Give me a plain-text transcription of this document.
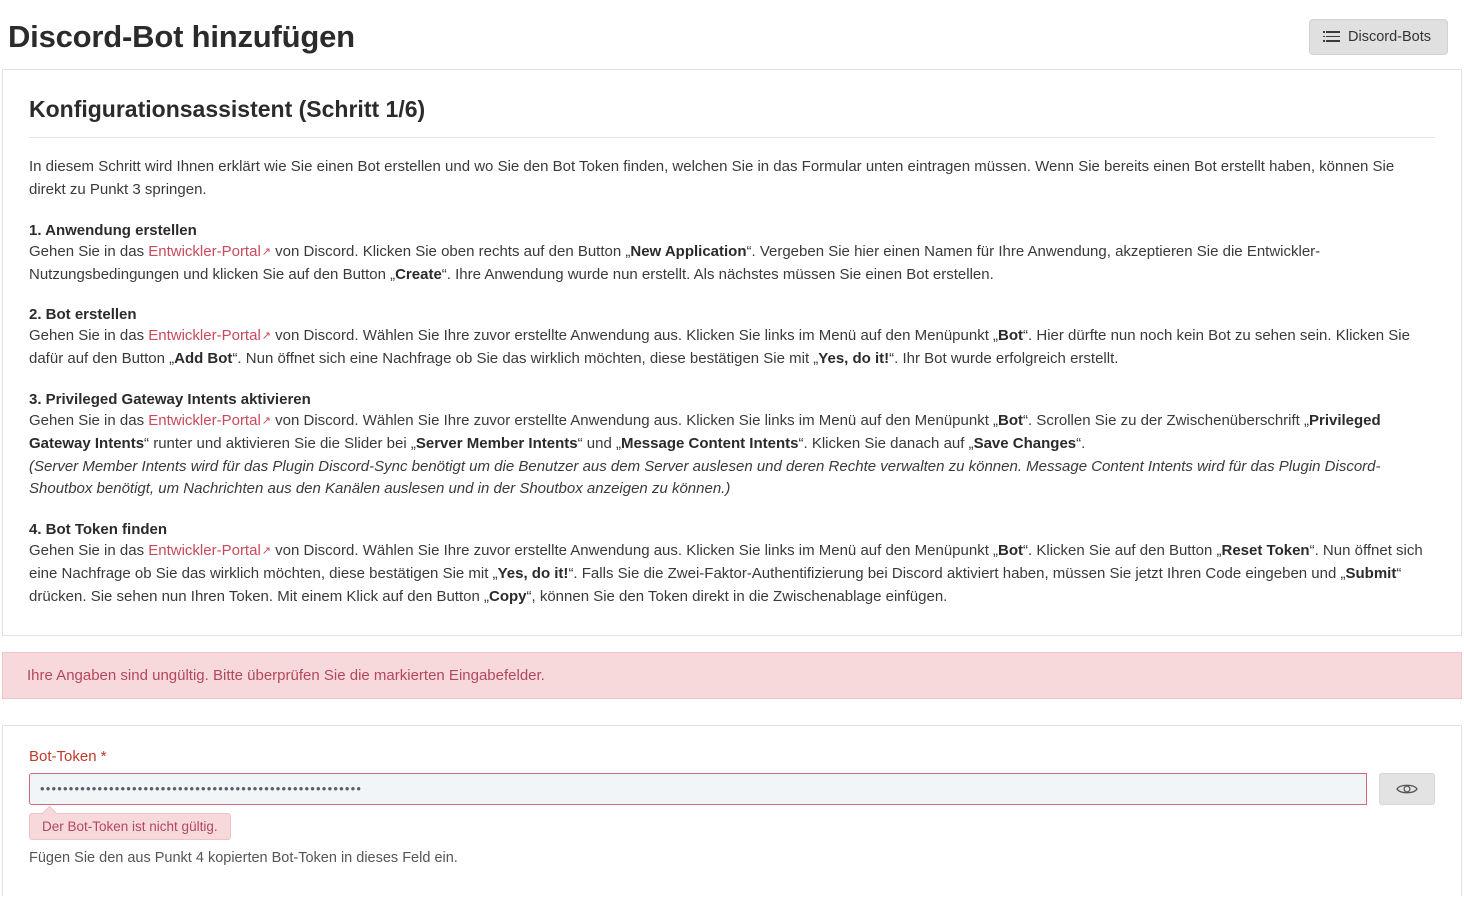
Discord-Bot hinzufügen	Discord-Bots
Konfigurationsassistent (Schritt 1/6)

In diesem Schritt wird Ihnen erklärt wie Sie einen Bot erstellen und wo Sie den Bot Token finden, welchen Sie in das Formular unten eintragen müssen. Wenn Sie bereits einen Bot erstellt haben, können Sie direkt zu Punkt 3 springen.

1. Anwendung erstellen

Gehen Sie in das Entwickler-Portal↗ von Discord. Klicken Sie oben rechts auf den Button „New Application“. Vergeben Sie hier einen Namen für Ihre Anwendung, akzeptieren Sie die Entwickler-Nutzungsbedingungen und klicken Sie auf den Button „Create“. Ihre Anwendung wurde nun erstellt. Als nächstes müssen Sie einen Bot erstellen.

2. Bot erstellen

Gehen Sie in das Entwickler-Portal↗ von Discord. Wählen Sie Ihre zuvor erstellte Anwendung aus. Klicken Sie links im Menü auf den Menüpunkt „Bot“. Hier dürfte nun noch kein Bot zu sehen sein. Klicken Sie dafür auf den Button „Add Bot“. Nun öffnet sich eine Nachfrage ob Sie das wirklich möchten, diese bestätigen Sie mit „Yes, do it!“. Ihr Bot wurde erfolgreich erstellt.

3. Privileged Gateway Intents aktivieren

Gehen Sie in das Entwickler-Portal↗ von Discord. Wählen Sie Ihre zuvor erstellte Anwendung aus. Klicken Sie links im Menü auf den Menüpunkt „Bot“. Scrollen Sie zu der Zwischenüberschrift „Privileged Gateway Intents“ runter und aktivieren Sie die Slider bei „Server Member Intents“ und „Message Content Intents“. Klicken Sie danach auf „Save Changes“.

(Server Member Intents wird für das Plugin Discord-Sync benötigt um die Benutzer aus dem Server auslesen und deren Rechte verwalten zu können. Message Content Intents wird für das Plugin Discord-Shoutbox benötigt, um Nachrichten aus den Kanälen auslesen und in der Shoutbox anzeigen zu können.)

4. Bot Token finden

Gehen Sie in das Entwickler-Portal↗ von Discord. Wählen Sie Ihre zuvor erstellte Anwendung aus. Klicken Sie links im Menü auf den Menüpunkt „Bot“. Klicken Sie auf den Button „Reset Token“. Nun öffnet sich eine Nachfrage ob Sie das wirklich möchten, diese bestätigen Sie mit „Yes, do it!“. Falls Sie die Zwei-Faktor-Authentifizierung bei Discord aktiviert haben, müssen Sie jetzt Ihren Code eingeben und „Submit“ drücken. Sie sehen nun Ihren Token. Mit einem Klick auf den Button „Copy“, können Sie den Token direkt in die Zwischenablage einfügen.

Ihre Angaben sind ungültig. Bitte überprüfen Sie die markierten Eingabefelder.
Bot-Token *
••••••••••••••••••••••••••••••••••••••••••••••••••••••••
Der Bot-Token ist nicht gültig.
Fügen Sie den aus Punkt 4 kopierten Bot-Token in dieses Feld ein.
